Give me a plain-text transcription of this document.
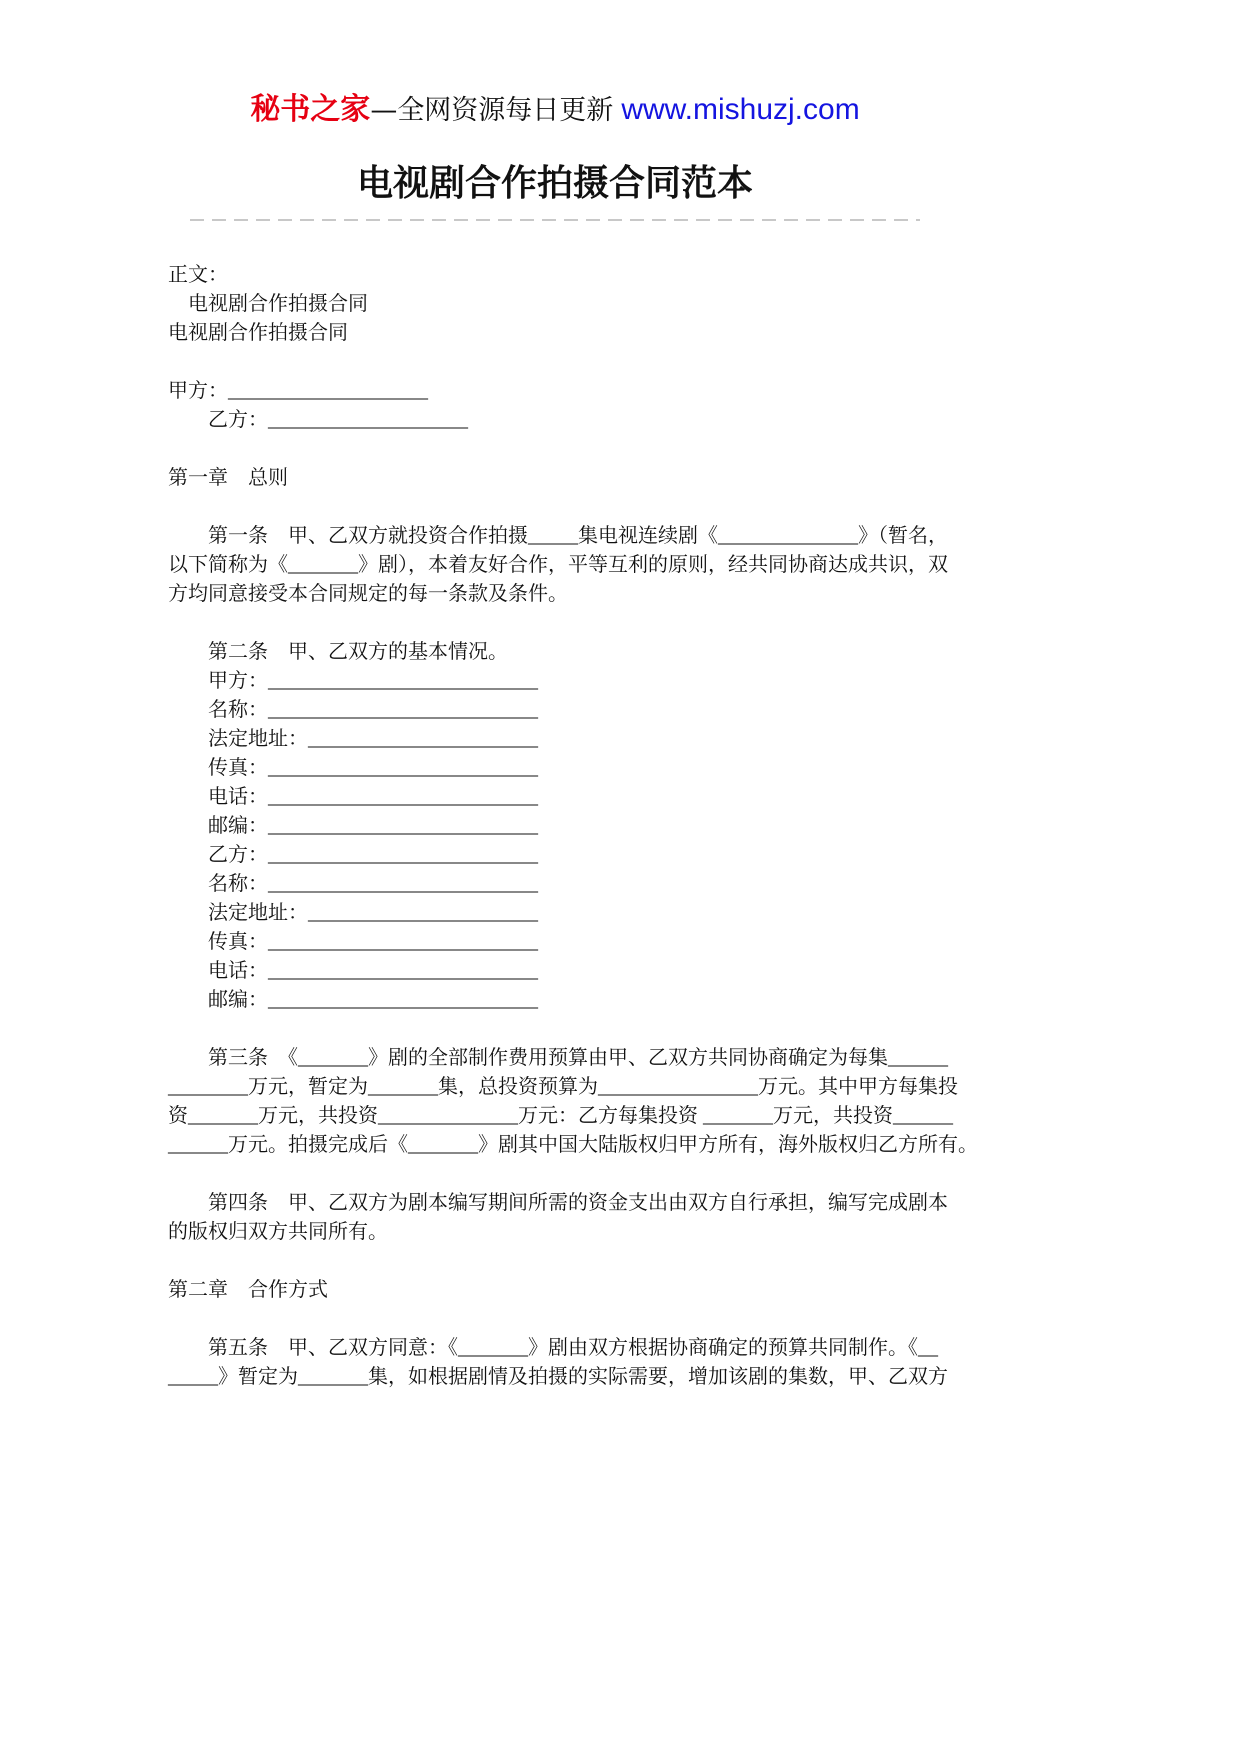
秘书之家—全网资源每日更新 www.mishuzj.com
电视剧合作拍摄合同范本
正文：
电视剧合作拍摄合同
电视剧合作拍摄合同
甲方：____________________
乙方：____________________
第一章　总则
第一条　甲、乙双方就投资合作拍摄_____集电视连续剧《______________》（暂名，
以下简称为《_______》剧），本着友好合作，平等互利的原则，经共同协商达成共识，双
方均同意接受本合同规定的每一条款及条件。
第二条　甲、乙双方的基本情况。
甲方：___________________________
名称：___________________________
法定地址：_______________________
传真：___________________________
电话：___________________________
邮编：___________________________
乙方：___________________________
名称：___________________________
法定地址：_______________________
传真：___________________________
电话：___________________________
邮编：___________________________
第三条　《_______》剧的全部制作费用预算由甲、乙双方共同协商确定为每集______
________万元，暂定为_______集，总投资预算为________________万元。其中甲方每集投
资_______万元，共投资______________万元：乙方每集投资 _______万元，共投资______
______万元。拍摄完成后《_______》剧其中国大陆版权归甲方所有，海外版权归乙方所有。
第四条　甲、乙双方为剧本编写期间所需的资金支出由双方自行承担，编写完成剧本
的版权归双方共同所有。
第二章　合作方式
第五条　甲、乙双方同意：《_______》剧由双方根据协商确定的预算共同制作。《__
_____》暂定为_______集，如根据剧情及拍摄的实际需要，增加该剧的集数，甲、乙双方
